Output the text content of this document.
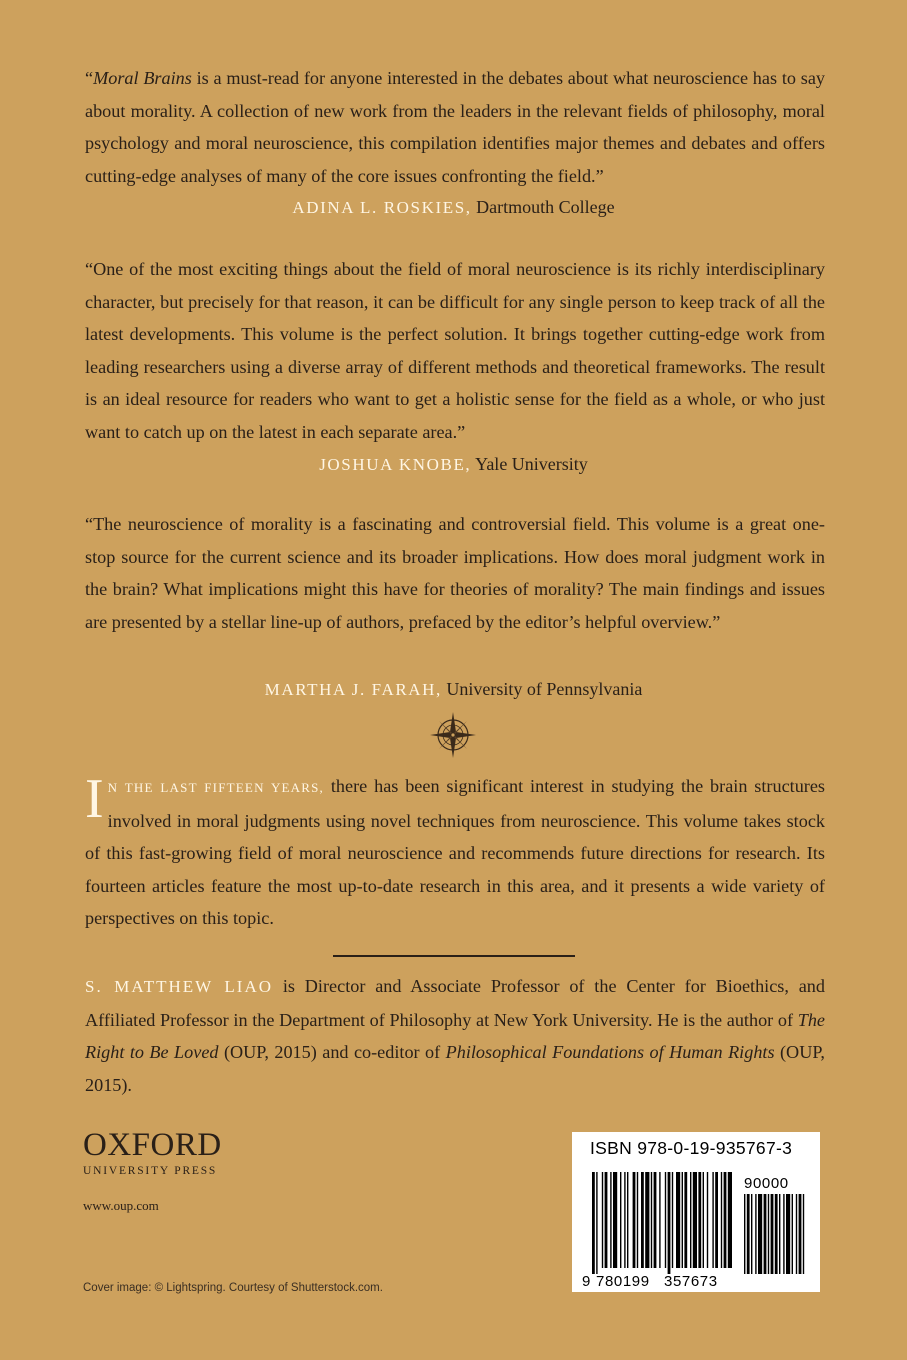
“Moral Brains is a must-read for anyone interested in the debates about what neuroscience has to say about morality. A collection of new work from the leaders in the relevant fields of philosophy, moral psychology and moral neuroscience, this compilation identifies major themes and debates and offers cutting-edge analyses of many of the core issues confronting the field.”

ADINA L. ROSKIES, Dartmouth College

“One of the most exciting things about the field of moral neuroscience is its richly interdisciplinary character, but precisely for that reason, it can be difficult for any single person to keep track of all the latest developments. This volume is the perfect solution. It brings together cutting-edge work from leading researchers using a diverse array of different methods and theoretical frameworks. The result is an ideal resource for readers who want to get a holistic sense for the field as a whole, or who just want to catch up on the latest in each separate area.”

JOSHUA KNOBE, Yale University

“The neuroscience of morality is a fascinating and controversial field. This volume is a great one-stop source for the current science and its broader implications. How does moral judgment work in the brain? What implications might this have for theories of morality? The main findings and issues are presented by a stellar line-up of authors, prefaced by the editor’s helpful overview.”

MARTHA J. FARAH, University of Pennsylvania
IN THE LAST FIFTEEN YEARS, there has been significant interest in studying the brain structures involved in moral judgments using novel techniques from neuroscience. This volume takes stock of this fast-growing field of moral neuroscience and recommends future directions for research. Its fourteen articles feature the most up-to-date research in this area, and it presents a wide variety of perspectives on this topic.
S. MATTHEW LIAO is Director and Associate Professor of the Center for Bioethics, and Affiliated Professor in the Department of Philosophy at New York University. He is the author of The Right to Be Loved (OUP, 2015) and co-editor of Philosophical Foundations of Human Rights (OUP, 2015).
OXFORD
UNIVERSITY PRESS
www.oup.com
Cover image: © Lightspring. Courtesy of Shutterstock.com.
ISBN 978-0-19-935767-3
9 780199 357673
90000
